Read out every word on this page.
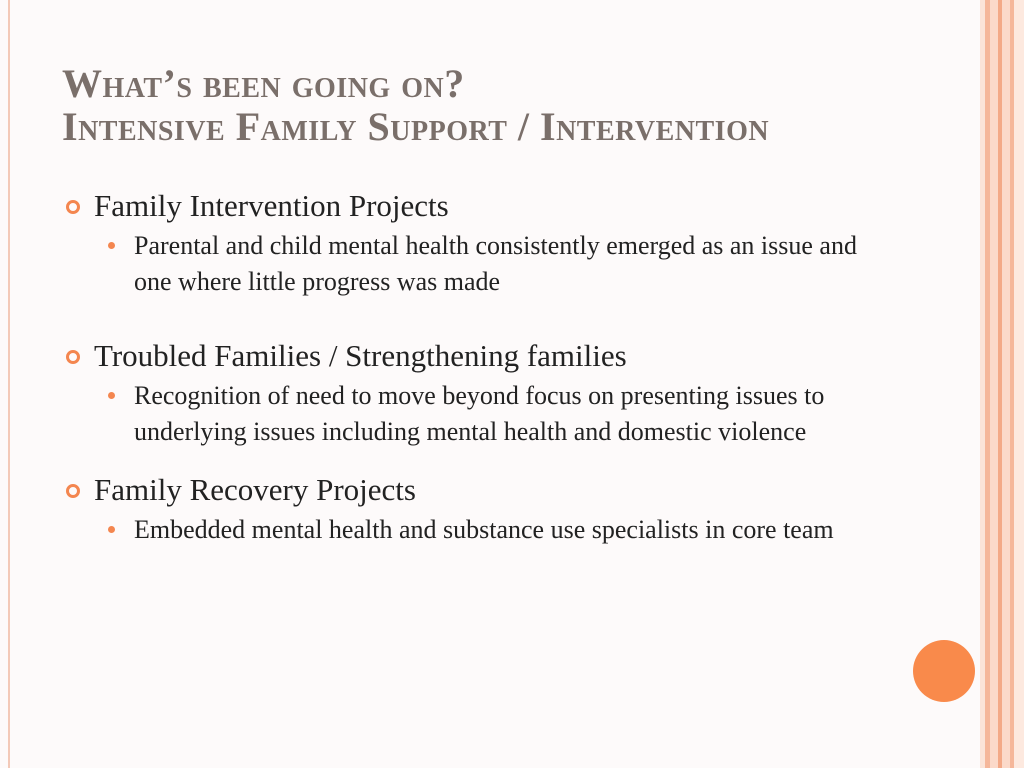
What’s been going on?
Intensive Family Support / Intervention
Family Intervention Projects
Parental and child mental health consistently emerged as an issue and one where little progress was made
Troubled Families / Strengthening families
Recognition of need to move beyond focus on presenting issues to underlying issues including mental health and domestic violence
Family Recovery Projects
Embedded mental health and substance use specialists in core team
